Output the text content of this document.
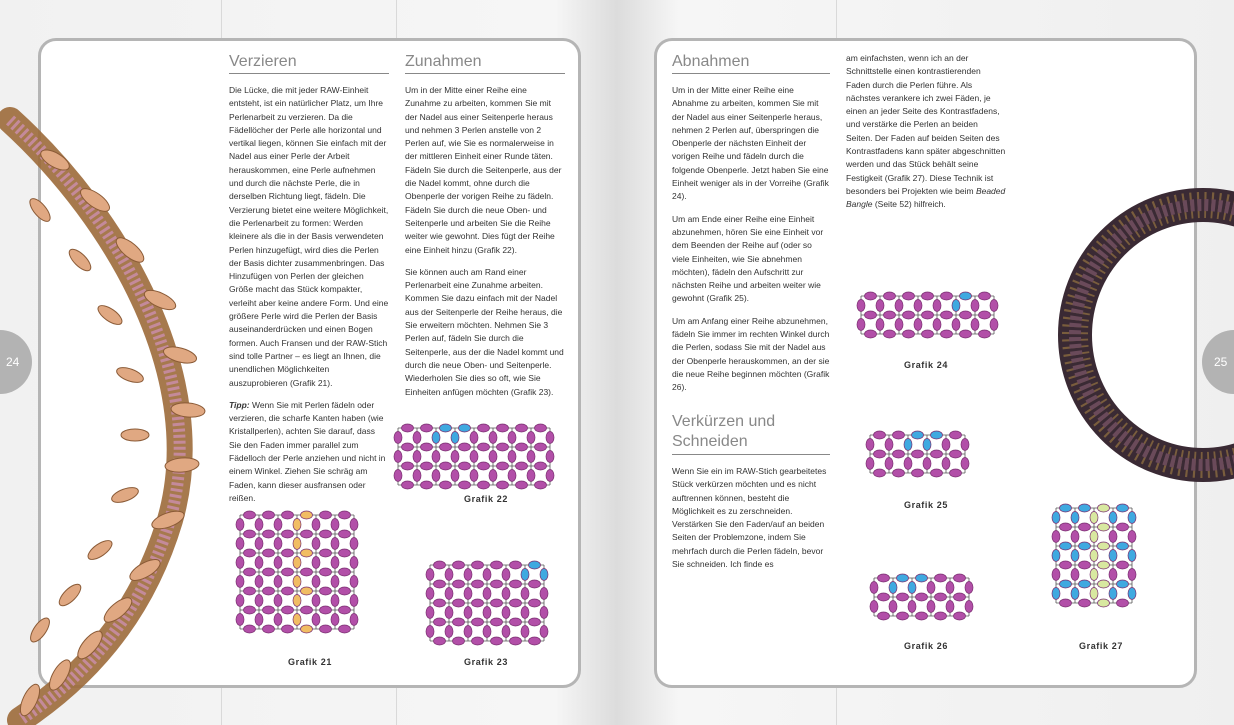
24	25
Verzieren

Die Lücke, die mit jeder RAW-Einheit entsteht, ist ein natürlicher Platz, um Ihre Perlenarbeit zu verzieren. Da die Fädellöcher der Perle alle horizontal und vertikal liegen, können Sie einfach mit der Nadel aus einer Perle der Arbeit herauskommen, eine Perle aufnehmen und durch die nächste Perle, die in derselben Richtung liegt, fädeln. Die Verzierung bietet eine weitere Möglichkeit, die Perlenarbeit zu formen: Werden kleinere als die in der Basis verwendeten Perlen hinzugefügt, wird dies die Perlen der Basis dichter zusammenbringen. Das Hinzufügen von Perlen der gleichen Größe macht das Stück kompakter, verleiht aber keine andere Form. Und eine größere Perle wird die Perlen der Basis auseinanderdrücken und einen Bogen formen. Auch Fransen und der RAW-Stich sind tolle Partner – es liegt an Ihnen, die unendlichen Möglichkeiten auszuprobieren (Grafik 21).

Tipp: Wenn Sie mit Perlen fädeln oder verzieren, die scharfe Kanten haben (wie Kristallperlen), achten Sie darauf, dass Sie den Faden immer parallel zum Fädelloch der Perle anziehen und nicht in einem Winkel. Ziehen Sie schräg am Faden, kann dieser ausfransen oder reißen.

Zunahmen

Um in der Mitte einer Reihe eine Zunahme zu arbeiten, kommen Sie mit der Nadel aus einer Seitenperle heraus und nehmen 3 Perlen anstelle von 2 Perlen auf, wie Sie es normalerweise in der mittleren Einheit einer Runde täten. Fädeln Sie durch die Seitenperle, aus der die Nadel kommt, ohne durch die Obenperle der vorigen Reihe zu fädeln. Fädeln Sie durch die neue Oben- und Seitenperle und arbeiten Sie die Reihe weiter wie gewohnt. Dies fügt der Reihe eine Einheit hinzu (Grafik 22).

Sie können auch am Rand einer Perlenarbeit eine Zunahme arbeiten. Kommen Sie dazu einfach mit der Nadel aus der Seitenperle der Reihe heraus, die Sie erweitern möchten. Nehmen Sie 3 Perlen auf, fädeln Sie durch die Seitenperle, aus der die Nadel kommt und durch die neue Oben- und Seitenperle. Wiederholen Sie dies so oft, wie Sie Einheiten anfügen möchten (Grafik 23).

Abnahmen

Um in der Mitte einer Reihe eine Abnahme zu arbeiten, kommen Sie mit der Nadel aus einer Seitenperle heraus, nehmen 2 Perlen auf, überspringen die Obenperle der nächsten Einheit der vorigen Reihe und fädeln durch die folgende Obenperle. Jetzt haben Sie eine Einheit weniger als in der Vorreihe (Grafik 24).

Um am Ende einer Reihe eine Einheit abzunehmen, hören Sie eine Einheit vor dem Beenden der Reihe auf (oder so viele Einheiten, wie Sie abnehmen möchten), fädeln den Aufschritt zur nächsten Reihe und arbeiten weiter wie gewohnt (Grafik 25).

Um am Anfang einer Reihe abzunehmen, fädeln Sie immer im rechten Winkel durch die Perlen, sodass Sie mit der Nadel aus der Obenperle herauskommen, an der sie die neue Reihe beginnen möchten (Grafik 26).

Verkürzen und
Schneiden

Wenn Sie ein im RAW-Stich gearbeitetes Stück verkürzen möchten und es nicht auftrennen können, besteht die Möglichkeit es zu zerschneiden. Verstärken Sie den Faden/auf an beiden Seiten der Problemzone, indem Sie mehrfach durch die Perlen fädeln, bevor Sie schneiden. Ich finde es

am einfachsten, wenn ich an der Schnittstelle einen kontrastierenden Faden durch die Perlen führe. Als nächstes verankere ich zwei Fäden, je einen an jeder Seite des Kontrastfadens, und verstärke die Perlen an beiden Seiten. Der Faden auf beiden Seiten des Kontrastfadens kann später abgeschnitten werden und das Stück behält seine Festigkeit (Grafik 27). Diese Technik ist besonders bei Projekten wie beim Beaded Bangle (Seite 52) hilfreich.

Grafik 21
Grafik 22
Grafik 23
Grafik 24
Grafik 25
Grafik 26	Grafik 27
